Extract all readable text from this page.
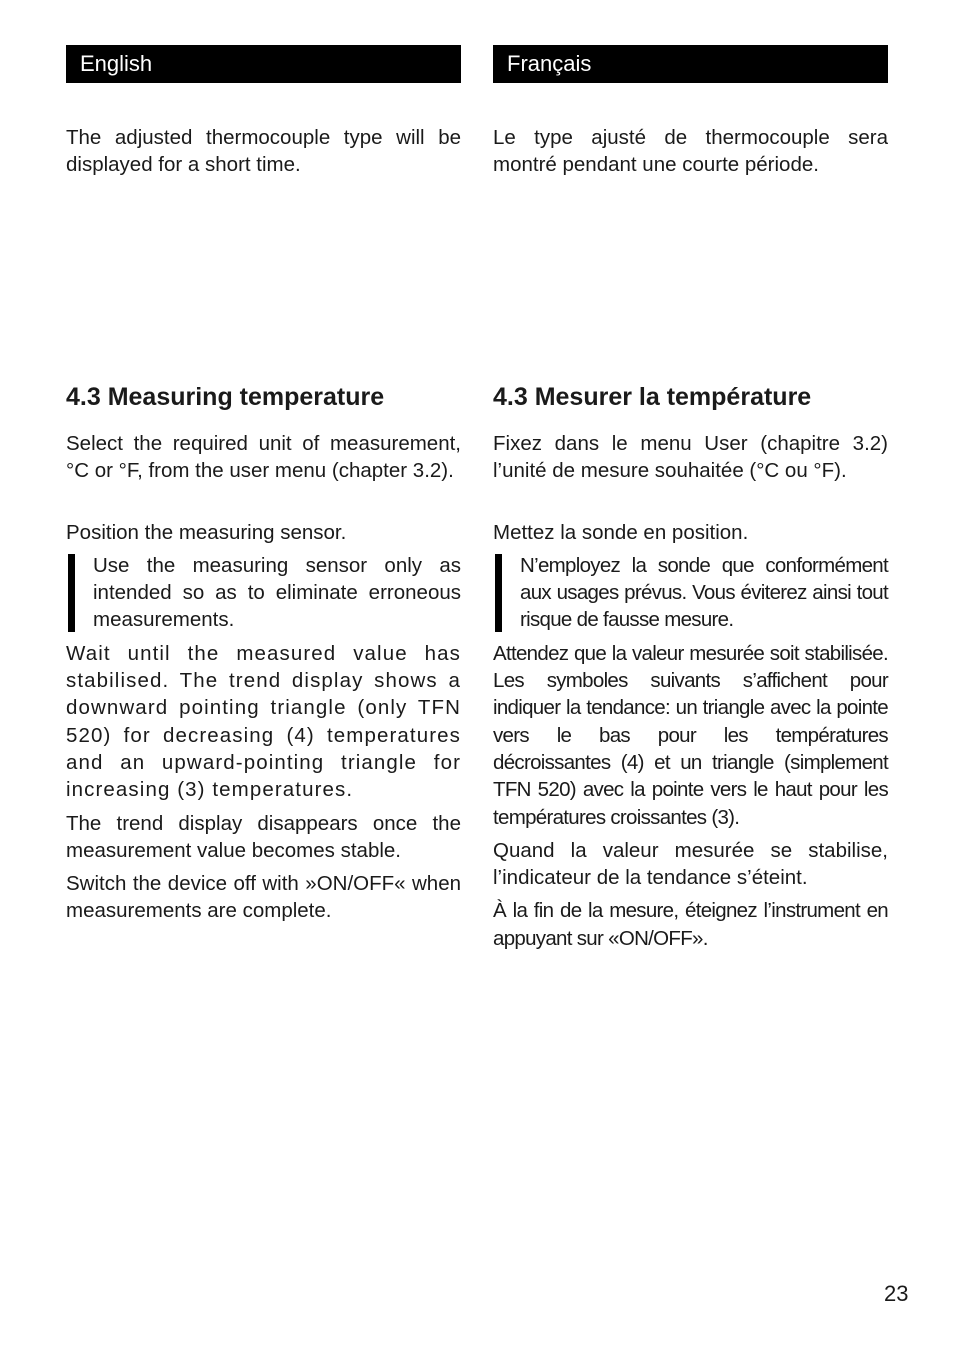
English

The adjusted thermocouple type will be displayed for a short time.

4.3 Measuring temperature

Select the required unit of measurement, °C or °F, from the user menu (chapter 3.2).

Position the measuring sensor.

Use the measuring sensor only as intended so as to eliminate erroneous measurements.

Wait until the measured value has stabilised. The trend display shows a downward pointing triangle (only TFN 520) for decreasing (4) temperatures and an upward-pointing triangle for increasing (3) temperatures.

The trend display disappears once the measurement value becomes stable.

Switch the device off with »ON/OFF« when measurements are complete.

Français

Le type ajusté de thermocouple sera montré pendant une courte période.

4.3 Mesurer la température

Fixez dans le menu User (chapitre 3.2) l’unité de mesure souhaitée (°C ou °F).

Mettez la sonde en position.

N’employez la sonde que conformément aux usages prévus. Vous éviterez ainsi tout risque de fausse mesure.

Attendez que la valeur mesurée soit stabilisée. Les symboles suivants s’affichent pour indiquer la tendance: un triangle avec la pointe vers le bas pour les températures décroissantes (4) et un triangle (simplement TFN 520) avec la pointe vers le haut pour les températures croissantes (3).

Quand la valeur mesurée se stabilise, l’indicateur de la tendance s’éteint.

À la fin de la mesure, éteignez l’instrument en appuyant sur «ON/OFF».

23
